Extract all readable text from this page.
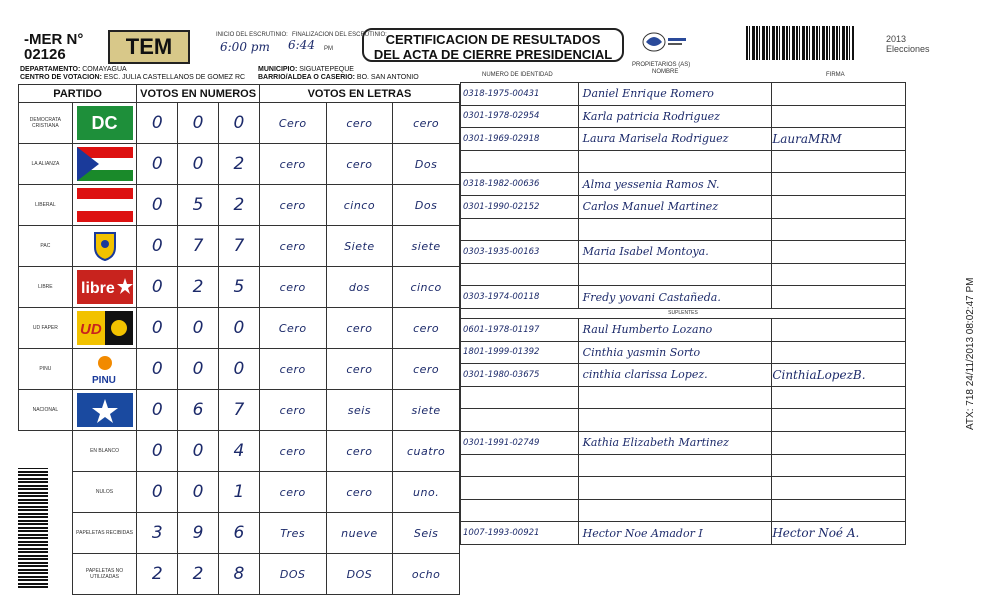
-MER N°
02126	TEM	INICIO DEL ESCRUTINIO: FINALIZACION DEL ESCRUTINIO:
6:00 pm 6:44 PM
CERTIFICACION DE RESULTADOS
DEL ACTA DE CIERRE PRESIDENCIAL
PROPIETARIOS (AS)
NOMBRE
NUMERO DE IDENTIDAD	FIRMA
2013 Elecciones
DEPARTAMENTO: COMAYAGUA	MUNICIPIO: SIGUATEPEQUE
CENTRO DE VOTACION: ESC. JULIA CASTELLANOS DE GOMEZ RC BARRIO/ALDEA O CASERIO: BO. SAN ANTONIO
PARTIDO		VOTOS EN NUMEROS			VOTOS EN LETRAS		
DEMOCRATA CRISTIANA	DC	0	0	0	Cero	cero	cero
LA ALIANZA		0	0	2	cero	cero	Dos
LIBERAL		0	5	2	cero	cinco	Dos
PAC		0	7	7	cero	Siete	siete
LIBRE	libre	0	2	5	cero	dos	cinco
UD FAPER	UD	0	0	0	Cero	cero	cero
PINU	PINU	0	0	0	cero	cero	cero
NACIONAL		0	6	7	cero	seis	siete
	EN BLANCO	0	0	4	cero	cero	cuatro
	NULOS	0	0	1	cero	cero	uno.
	PAPELETAS RECIBIDAS	3	9	6	Tres	nueve	Seis
	PAPELETAS NO UTILIZADAS	2	2	8	DOS	DOS	ocho
0318-1975-00431	Daniel Enrique Romero	
0301-1978-02954	Karla patricia Rodriguez	
0301-1969-02918	Laura Marisela Rodriguez	LauraMRM

0318-1982-00636	Alma yessenia Ramos N.	
0301-1990-02152	Carlos Manuel Martinez	

0303-1935-00163	Maria Isabel Montoya.	

0303-1974-00118	Fredy yovani Castañeda.	
SUPLENTES		
0601-1978-01197	Raul Humberto Lozano	
1801-1999-01392	Cinthia yasmin Sorto	
0301-1980-03675	cinthia clarissa Lopez.	CinthiaLopezB.

0301-1991-02749	Kathia Elizabeth Martinez	

1007-1993-00921	Hector Noe Amador I	Hector Noé A.
ATX: 718 24/11/2013 08:02:47 PM
